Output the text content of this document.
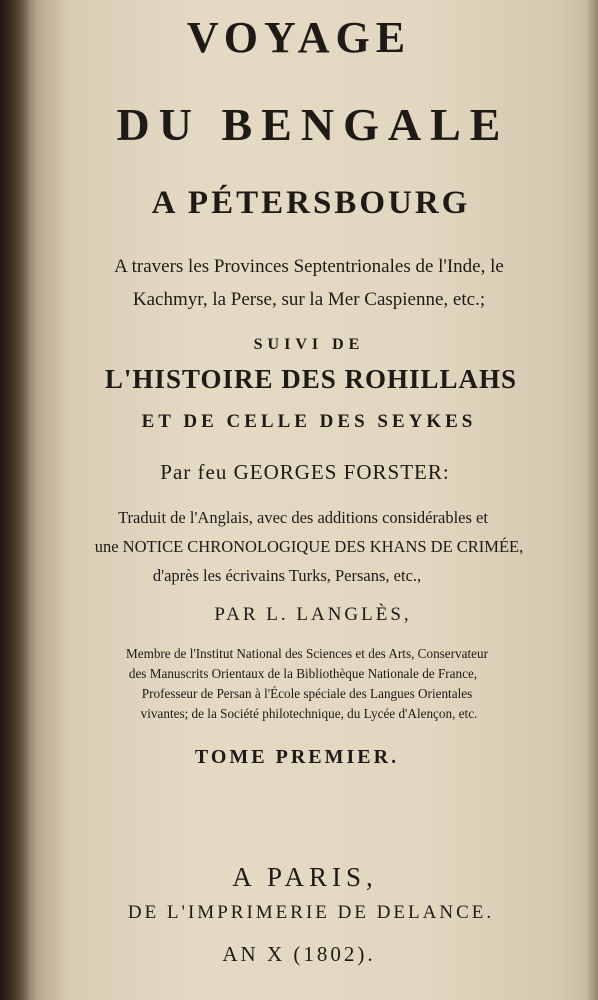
VOYAGE
DU BENGALE
A PÉTERSBOURG
A travers les Provinces Septentrionales de l'Inde, le
Kachmyr, la Perse, sur la Mer Caspienne, etc.;
SUIVI DE
L'HISTOIRE DES ROHILLAHS
ET DE CELLE DES SEYKES
Par feu GEORGES FORSTER:
Traduit de l'Anglais, avec des additions considérables et
une NOTICE CHRONOLOGIQUE DES KHANS DE CRIMÉE,
d'après les écrivains Turks, Persans, etc.,
PAR L. LANGLÈS,
Membre de l'Institut National des Sciences et des Arts, Conservateur
des Manuscrits Orientaux de la Bibliothèque Nationale de France,
Professeur de Persan à l'École spéciale des Langues Orientales
vivantes; de la Société philotechnique, du Lycée d'Alençon, etc.
TOME PREMIER.
A PARIS,
DE L'IMPRIMERIE DE DELANCE.
AN X (1802).
